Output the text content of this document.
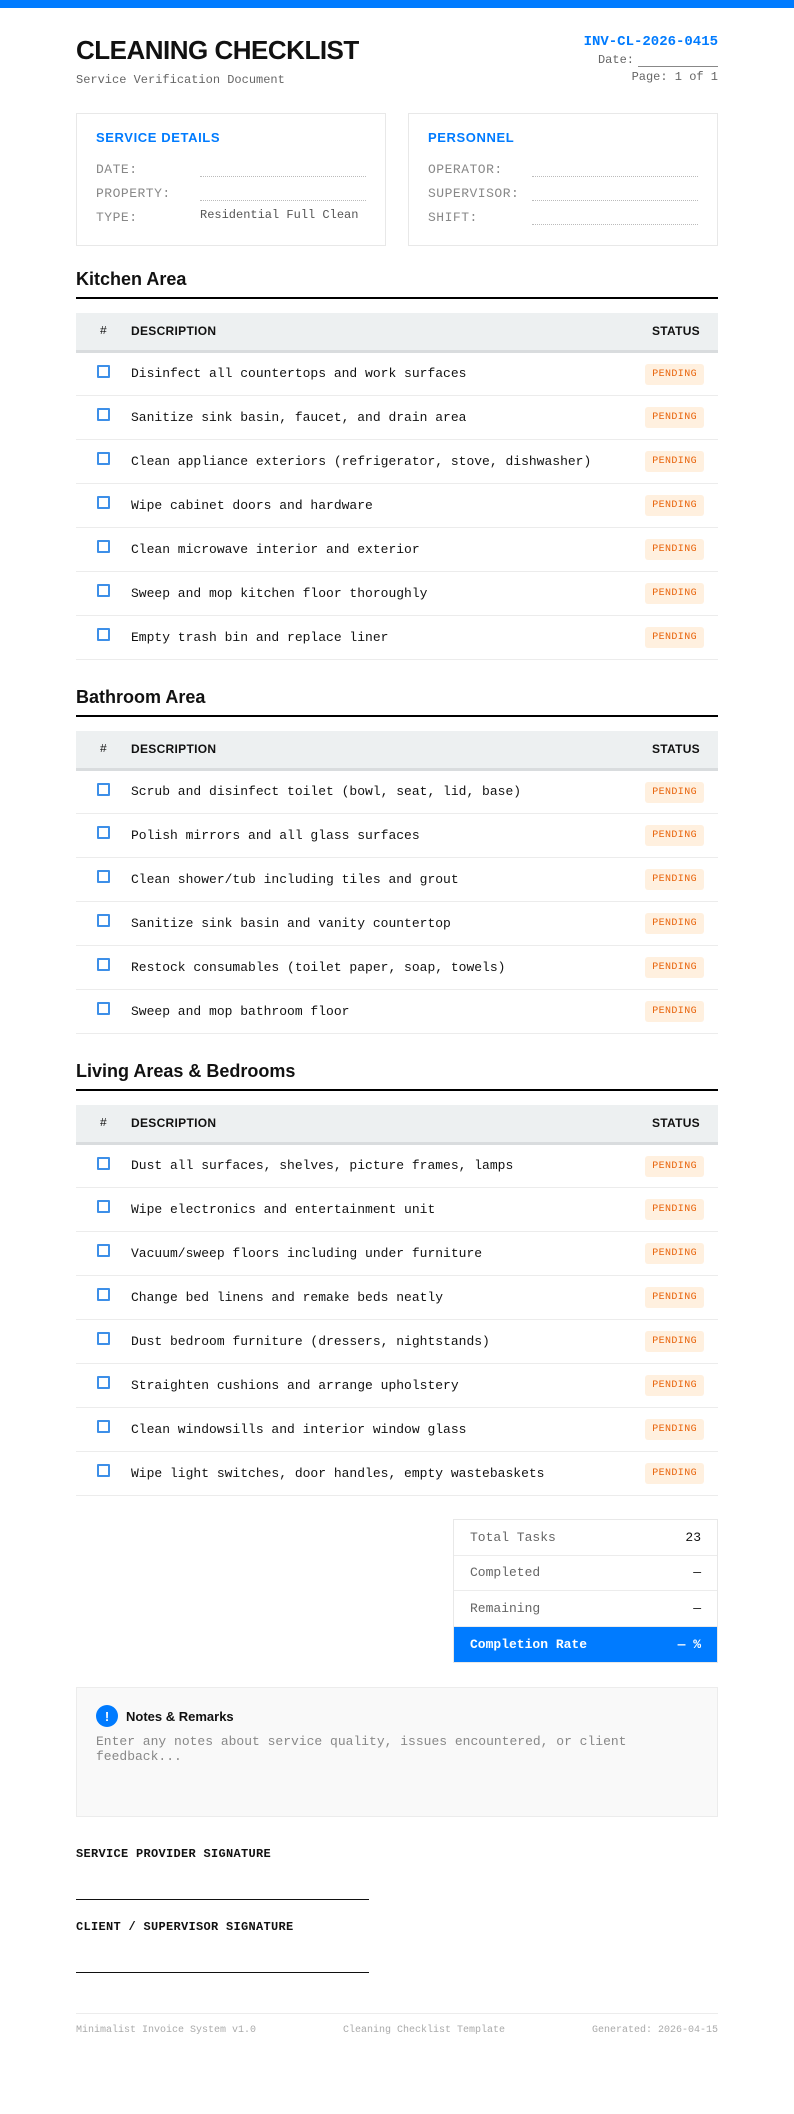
CLEANING CHECKLIST
Service Verification Document
INV-CL-2026-0415
Date:
Page: 1 of 1
SERVICE DETAILS
DATE:
PROPERTY:
TYPE:	Residential Full Clean
PERSONNEL
OPERATOR:
SUPERVISOR:
SHIFT:
Kitchen Area
#	DESCRIPTION	STATUS
	Disinfect all countertops and work surfaces	PENDING
	Sanitize sink basin, faucet, and drain area	PENDING
	Clean appliance exteriors (refrigerator, stove, dishwasher)	PENDING
	Wipe cabinet doors and hardware	PENDING
	Clean microwave interior and exterior	PENDING
	Sweep and mop kitchen floor thoroughly	PENDING
	Empty trash bin and replace liner	PENDING
Bathroom Area
#	DESCRIPTION	STATUS
	Scrub and disinfect toilet (bowl, seat, lid, base)	PENDING
	Polish mirrors and all glass surfaces	PENDING
	Clean shower/tub including tiles and grout	PENDING
	Sanitize sink basin and vanity countertop	PENDING
	Restock consumables (toilet paper, soap, towels)	PENDING
	Sweep and mop bathroom floor	PENDING
Living Areas & Bedrooms
#	DESCRIPTION	STATUS
	Dust all surfaces, shelves, picture frames, lamps	PENDING
	Wipe electronics and entertainment unit	PENDING
	Vacuum/sweep floors including under furniture	PENDING
	Change bed linens and remake beds neatly	PENDING
	Dust bedroom furniture (dressers, nightstands)	PENDING
	Straighten cushions and arrange upholstery	PENDING
	Clean windowsills and interior window glass	PENDING
	Wipe light switches, door handles, empty wastebaskets	PENDING
Total Tasks	23
Completed	—
Remaining	—
Completion Rate	— %
!	Notes & Remarks
Enter any notes about service quality, issues encountered, or client feedback...
SERVICE PROVIDER SIGNATURE
CLIENT / SUPERVISOR SIGNATURE
Minimalist Invoice System v1.0	Cleaning Checklist Template	Generated: 2026-04-15
